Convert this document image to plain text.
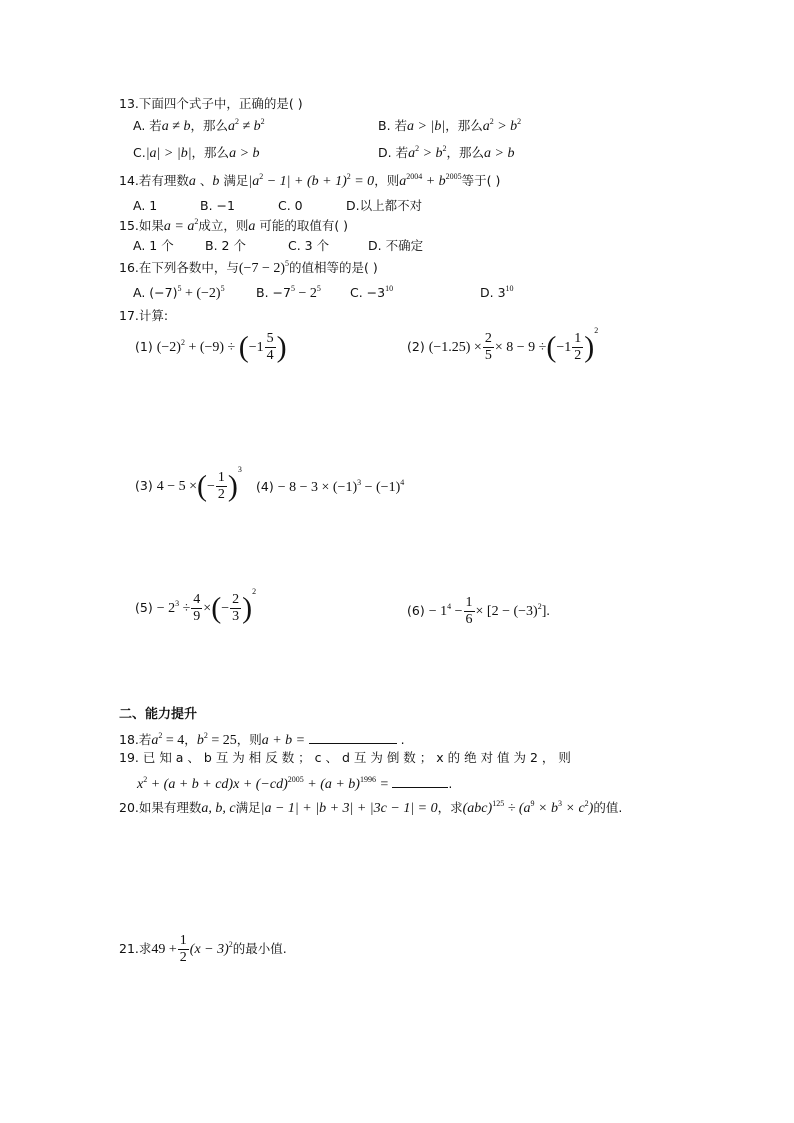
13.下面四个式子中，正确的是( )
A. 若a ≠ b，那么$a^2 \ne b^2$	B. 若a > |b|，那么$a^2 > b^2$
C.|a| > |b|，那么a > b	D. 若$a^2 > b^2$，那么a > b
14.若有理数a 、b 满足$|a^2 - 1| + (b + 1)^2 = 0$，则$a^{2004} + b^{2005}$等于( )
A. 1	B. −1	C. 0	D.以上都不对
15.如果$a = a^2$成立，则a 可能的取值有( )
A. 1 个	B. 2 个	C. 3 个	D. 不确定
16.在下列各数中，与$(-7 - 2)^5$的值相等的是( )
A. $(-7)^5 + (-2)^5$	B. $-7^5 - 2^5$ C. $-3^{10}$	D. $3^{10}$
17.计算:
(1) $(-2)^2 + (-9) \div (-1 \frac{5}{4}$ )	(2) $(-1.25) \times \frac{2}{5} \times 8 - 9 \div(-1 \frac{1}{2} )^2$
(3) 4 − 5 ×(− $\frac{1}{2} )^3$
$(4) - 8 - 3 \times (-1)^3 - (-1)^4$
$(5) - 2^3 \div \frac{4}{9}$ ×(− $\frac{2}{3} )^2$
$(6) - 1^4 - \frac{1}{6} \times [2 - (-3)^2]$.
二、能力提升
18.若$a^2 = 4$，$b^2 = 25$，则a + b =	.
19. 已 知 a 、 b 互 为 相 反 数 ； c 、 d 互 为 倒 数 ； x 的 绝 对 值 为 2 ， 则
$x^2 + (a + b + cd)x + (-cd)^{2005} + (a + b)^{1996}$ =	.
20.如果有理数a, b, c满足|a − 1| + |b + 3| + |3c − 1| = 0，求$(abc)^{125} \div (a^9 \times b^3 \times c^2)$的值.
21.求$49 + \frac{1}{2} (x - 3)^2$的最小值.
